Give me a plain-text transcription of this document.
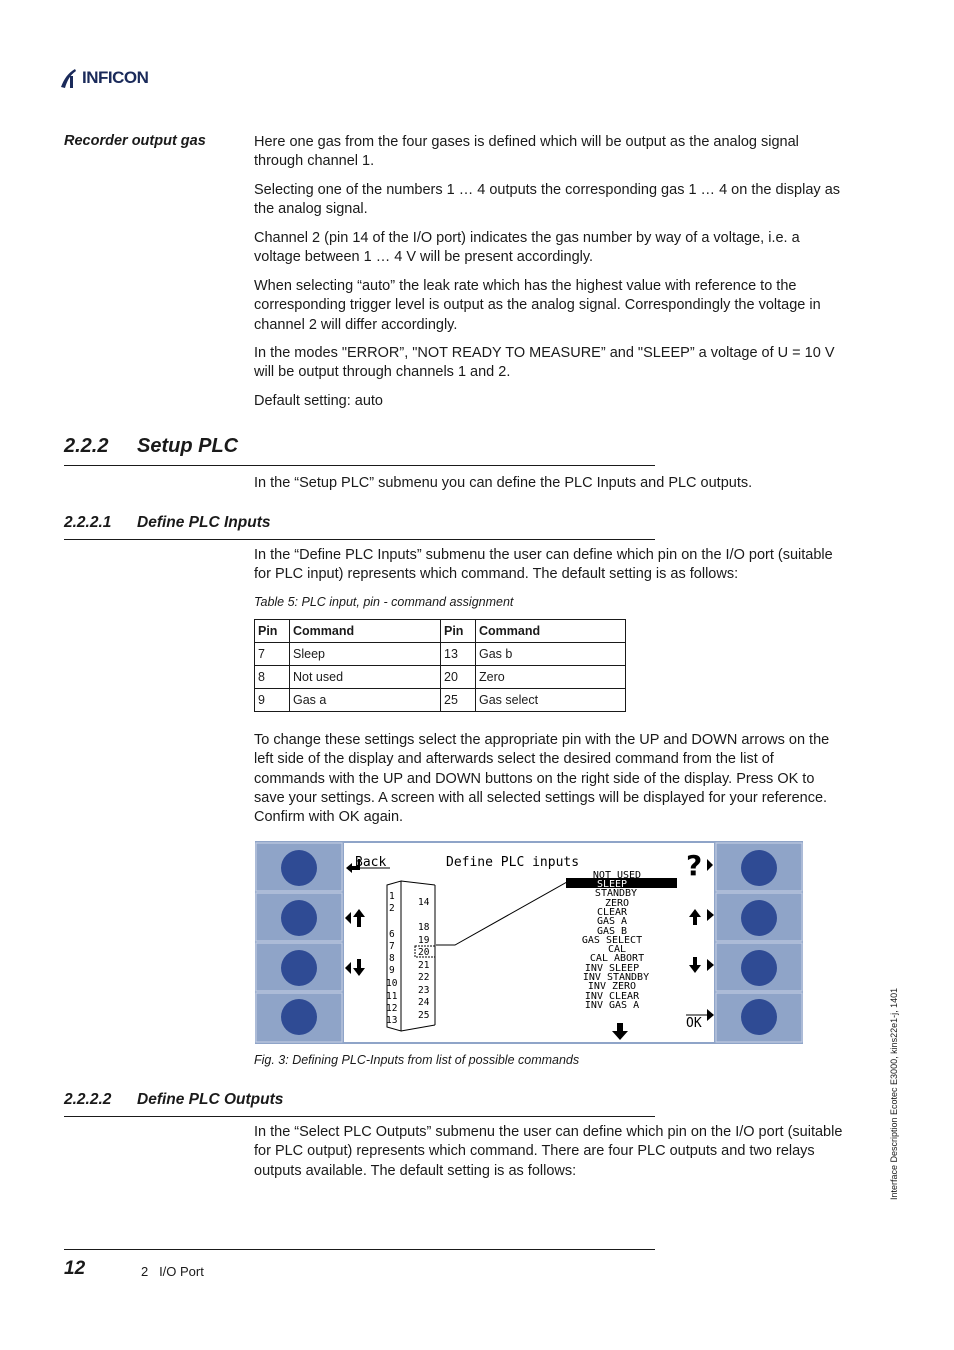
INFICON
Recorder output gas	Here one gas from the four gases is defined which will be output as the analog signal through channel 1.
Selecting one of the numbers 1 … 4 outputs the corresponding gas 1 … 4 on the display as the analog signal.
Channel 2 (pin 14 of the I/O port) indicates the gas number by way of a voltage, i.e. a voltage between 1 … 4 V will be present accordingly.
When selecting “auto” the leak rate which has the highest value with reference to the corresponding trigger level is output as the analog signal. Correspondingly the voltage in channel 2 will differ accordingly.
In the modes "ERROR”, "NOT READY TO MEASURE” and "SLEEP” a voltage of U = 10 V will be output through channels 1 and 2.
Default setting: auto
2.2.2 Setup PLC
In the “Setup PLC” submenu you can define the PLC Inputs and PLC outputs.
2.2.2.1 Define PLC Inputs
In the “Define PLC Inputs” submenu the user can define which pin on the I/O port (suitable for PLC input) represents which command. The default setting is as follows:
Table 5: PLC input, pin - command assignment
Pin	Command	Pin	Command
7	Sleep	13	Gas b
8	Not used	20	Zero
9	Gas a	25	Gas select
To change these settings select the appropriate pin with the UP and DOWN arrows on the left side of the display and afterwards select the desired command from the list of commands with the UP and DOWN buttons on the right side of the display. Press OK to save your settings. A screen with all selected settings will be displayed for your reference. Confirm with OK again.
Back	Define PLC inputs	?
OK
1
2
6
7
8
9
10
11
12
13
14
18
19
20
21
22
23
24
25
NOT USED
SLEEP
STANDBY
ZERO
CLEAR
GAS A
GAS B
GAS SELECT
CAL
CAL ABORT
INV SLEEP
INV STANDBY
INV ZERO
INV CLEAR
INV GAS A
Fig. 3: Defining PLC-Inputs from list of possible commands
2.2.2.2 Define PLC Outputs
In the “Select PLC Outputs” submenu the user can define which pin on the I/O port (suitable for PLC output) represents which command. There are four PLC outputs and two relays outputs available. The default setting is as follows:	Interface Description Ecotec E3000, kins22e1-j, 1401
12	2   I/O Port
